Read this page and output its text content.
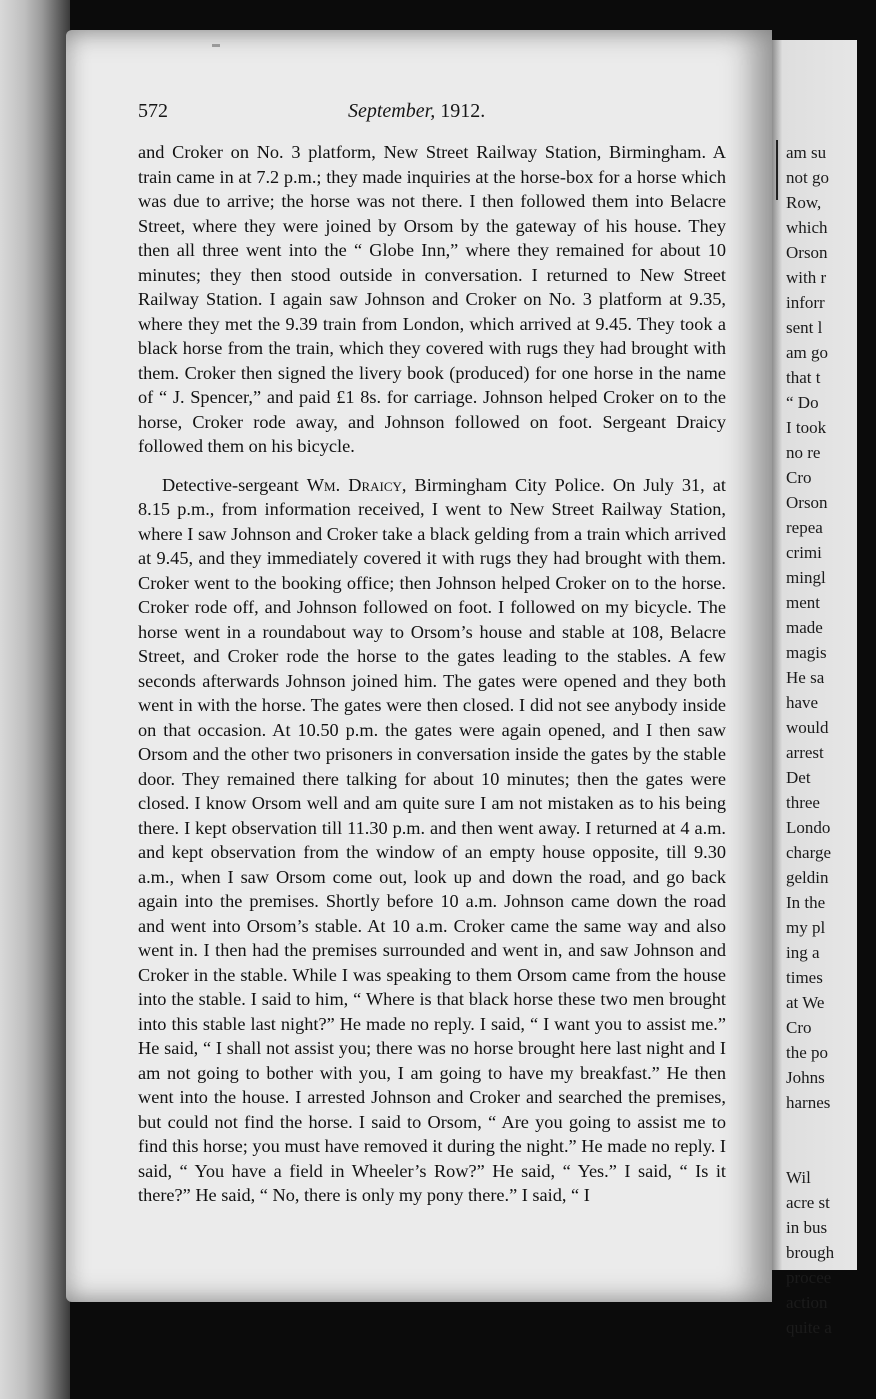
am su
not go
Row,
which
Orson
with r
inforr
sent l
am go
that t
“ Do
I took
no re
Cro
Orson
repea
crimi
mingl
ment
made
magis
He sa
have
would
arrest
Det
three
Londo
charge
geldin
In the
my pl
ing a
times
at We
Cro
the po
Johns
harnes
Wil
acre st
in bus
brough
procee
action
quite a
572	September, 1912.

and Croker on No. 3 platform, New Street Railway Station, Birmingham. A train came in at 7.2 p.m.; they made inquiries at the horse-box for a horse which was due to arrive; the horse was not there. I then followed them into Belacre Street, where they were joined by Orsom by the gateway of his house. They then all three went into the “ Globe Inn,” where they remained for about 10 minutes; they then stood outside in conversation. I returned to New Street Railway Station. I again saw Johnson and Croker on No. 3 platform at 9.35, where they met the 9.39 train from London, which arrived at 9.45. They took a black horse from the train, which they covered with rugs they had brought with them. Croker then signed the livery book (produced) for one horse in the name of “ J. Spencer,” and paid £1 8s. for carriage. Johnson helped Croker on to the horse, Croker rode away, and Johnson followed on foot. Sergeant Draicy followed them on his bicycle.

Detective-sergeant Wm. Draicy, Birmingham City Police. On July 31, at 8.15 p.m., from information received, I went to New Street Railway Station, where I saw Johnson and Croker take a black gelding from a train which arrived at 9.45, and they immediately covered it with rugs they had brought with them. Croker went to the booking office; then Johnson helped Croker on to the horse. Croker rode off, and Johnson followed on foot. I followed on my bicycle. The horse went in a roundabout way to Orsom’s house and stable at 108, Belacre Street, and Croker rode the horse to the gates leading to the stables. A few seconds afterwards Johnson joined him. The gates were opened and they both went in with the horse. The gates were then closed. I did not see anybody inside on that occasion. At 10.50 p.m. the gates were again opened, and I then saw Orsom and the other two prisoners in conversation inside the gates by the stable door. They remained there talking for about 10 minutes; then the gates were closed. I know Orsom well and am quite sure I am not mistaken as to his being there. I kept observation till 11.30 p.m. and then went away. I returned at 4 a.m. and kept observation from the window of an empty house opposite, till 9.30 a.m., when I saw Orsom come out, look up and down the road, and go back again into the premises. Shortly before 10 a.m. Johnson came down the road and went into Orsom’s stable. At 10 a.m. Croker came the same way and also went in. I then had the premises surrounded and went in, and saw Johnson and Croker in the stable. While I was speaking to them Orsom came from the house into the stable. I said to him, “ Where is that black horse these two men brought into this stable last night?” He made no reply. I said, “ I want you to assist me.” He said, “ I shall not assist you; there was no horse brought here last night and I am not going to bother with you, I am going to have my breakfast.” He then went into the house. I arrested Johnson and Croker and searched the premises, but could not find the horse. I said to Orsom, “ Are you going to assist me to find this horse; you must have removed it during the night.” He made no reply. I said, “ You have a field in Wheeler’s Row?” He said, “ Yes.” I said, “ Is it there?” He said, “ No, there is only my pony there.” I said, “ I
